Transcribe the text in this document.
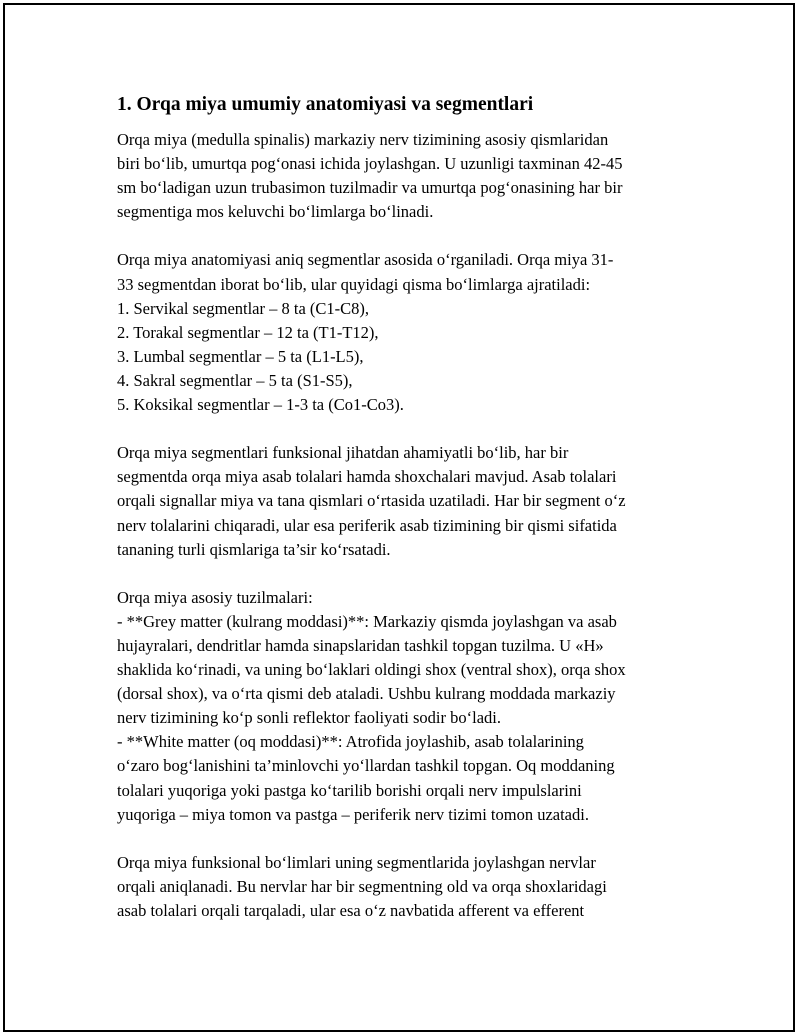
1. Orqa miya umumiy anatomiyasi va segmentlari
Orqa miya (medulla spinalis) markaziy nerv tizimining asosiy qismlaridan
biri bo‘lib, umurtqa pog‘onasi ichida joylashgan. U uzunligi taxminan 42-45
sm bo‘ladigan uzun trubasimon tuzilmadir va umurtqa pog‘onasining har bir
segmentiga mos keluvchi bo‘limlarga bo‘linadi.
Orqa miya anatomiyasi aniq segmentlar asosida o‘rganiladi. Orqa miya 31-
33 segmentdan iborat bo‘lib, ular quyidagi qisma bo‘limlarga ajratiladi:
1. Servikal segmentlar – 8 ta (C1-C8),
2. Torakal segmentlar – 12 ta (T1-T12),
3. Lumbal segmentlar – 5 ta (L1-L5),
4. Sakral segmentlar – 5 ta (S1-S5),
5. Koksikal segmentlar – 1-3 ta (Co1-Co3).
Orqa miya segmentlari funksional jihatdan ahamiyatli bo‘lib, har bir
segmentda orqa miya asab tolalari hamda shoxchalari mavjud. Asab tolalari
orqali signallar miya va tana qismlari o‘rtasida uzatiladi. Har bir segment o‘z
nerv tolalarini chiqaradi, ular esa periferik asab tizimining bir qismi sifatida
tananing turli qismlariga ta’sir ko‘rsatadi.
Orqa miya asosiy tuzilmalari:
- **Grey matter (kulrang moddasi)**: Markaziy qismda joylashgan va asab
hujayralari, dendritlar hamda sinapslaridan tashkil topgan tuzilma. U «H»
shaklida ko‘rinadi, va uning bo‘laklari oldingi shox (ventral shox), orqa shox
(dorsal shox), va o‘rta qismi deb ataladi. Ushbu kulrang moddada markaziy
nerv tizimining ko‘p sonli reflektor faoliyati sodir bo‘ladi.
- **White matter (oq moddasi)**: Atrofida joylashib, asab tolalarining
o‘zaro bog‘lanishini ta’minlovchi yo‘llardan tashkil topgan. Oq moddaning
tolalari yuqoriga yoki pastga ko‘tarilib borishi orqali nerv impulslarini
yuqoriga – miya tomon va pastga – periferik nerv tizimi tomon uzatadi.
Orqa miya funksional bo‘limlari uning segmentlarida joylashgan nervlar
orqali aniqlanadi. Bu nervlar har bir segmentning old va orqa shoxlaridagi
asab tolalari orqali tarqaladi, ular esa o‘z navbatida afferent va efferent
